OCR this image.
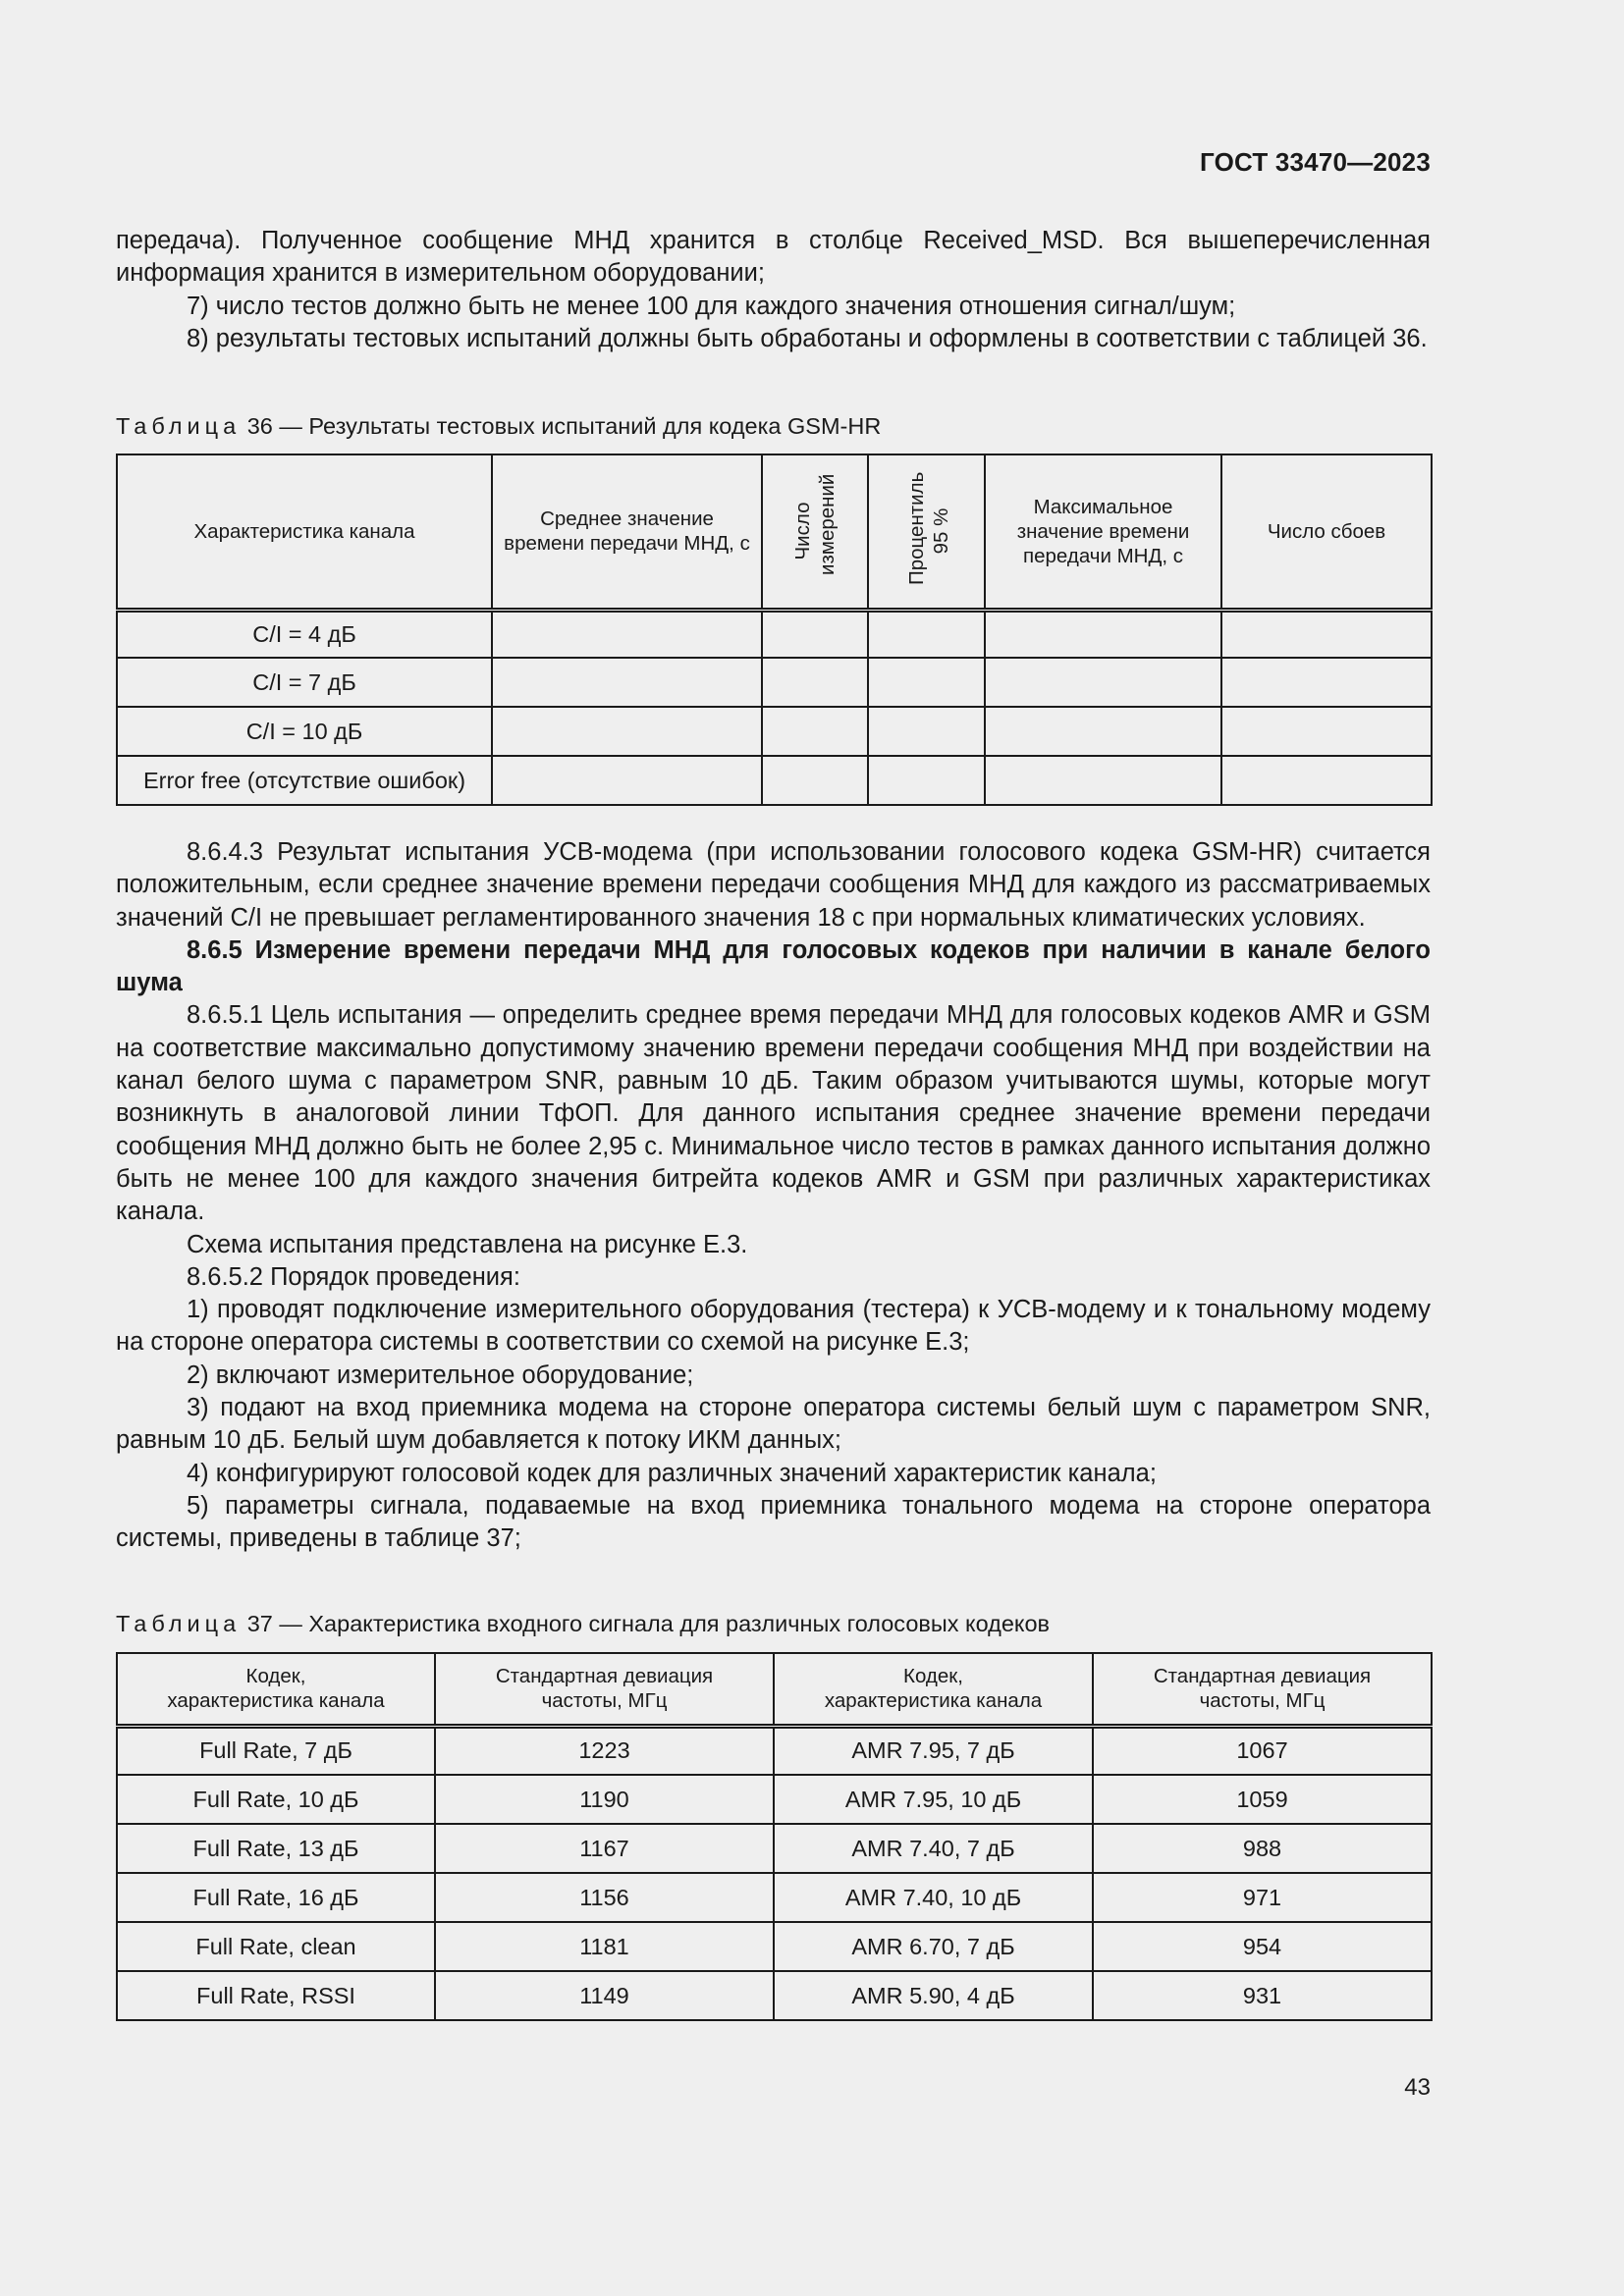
ГОСТ 33470—2023

передача). Полученное сообщение МНД хранится в столбце Received_MSD. Вся вышеперечисленная информация хранится в измерительном оборудовании;

7) число тестов должно быть не менее 100 для каждого значения отношения сигнал/шум;

8) результаты тестовых испытаний должны быть обработаны и оформлены в соответствии с таблицей 36.

Таблица 36 — Результаты тестовых испытаний для кодека GSM-HR
Характеристика канала	Среднее значение времени передачи МНД, с	Число измерений	Процентиль 95 %	Максимальное значение времени передачи МНД, с	Число сбоев
C/I = 4 дБ					
C/I = 7 дБ					
C/I = 10 дБ					
Error free (отсутствие ошибок)					

8.6.4.3 Результат испытания УСВ-модема (при использовании голосового кодека GSM-HR) считается положительным, если среднее значение времени передачи сообщения МНД для каждого из рассматриваемых значений C/I не превышает регламентированного значения 18 с при нормальных климатических условиях.

8.6.5 Измерение времени передачи МНД для голосовых кодеков при наличии в канале белого шума

8.6.5.1 Цель испытания — определить среднее время передачи МНД для голосовых кодеков AMR и GSM на соответствие максимально допустимому значению времени передачи сообщения МНД при воздействии на канал белого шума с параметром SNR, равным 10 дБ. Таким образом учитываются шумы, которые могут возникнуть в аналоговой линии ТфОП. Для данного испытания среднее значение времени передачи сообщения МНД должно быть не более 2,95 с. Минимальное число тестов в рамках данного испытания должно быть не менее 100 для каждого значения битрейта кодеков AMR и GSM при различных характеристиках канала.

Схема испытания представлена на рисунке Е.3.

8.6.5.2 Порядок проведения:

1) проводят подключение измерительного оборудования (тестера) к УСВ-модему и к тональному модему на стороне оператора системы в соответствии со схемой на рисунке Е.3;

2) включают измерительное оборудование;

3) подают на вход приемника модема на стороне оператора системы белый шум с параметром SNR, равным 10 дБ. Белый шум добавляется к потоку ИКМ данных;

4) конфигурируют голосовой кодек для различных значений характеристик канала;

5) параметры сигнала, подаваемые на вход приемника тонального модема на стороне оператора системы, приведены в таблице 37;

Таблица 37 — Характеристика входного сигнала для различных голосовых кодеков
Кодек,
характеристика канала	Стандартная девиация
частоты, МГц	Кодек,
характеристика канала	Стандартная девиация
частоты, МГц
Full Rate, 7 дБ	1223	AMR 7.95, 7 дБ	1067
Full Rate, 10 дБ	1190	AMR 7.95, 10 дБ	1059
Full Rate, 13 дБ	1167	AMR 7.40, 7 дБ	988
Full Rate, 16 дБ	1156	AMR 7.40, 10 дБ	971
Full Rate, clean	1181	AMR 6.70, 7 дБ	954
Full Rate, RSSI	1149	AMR 5.90, 4 дБ	931
43
